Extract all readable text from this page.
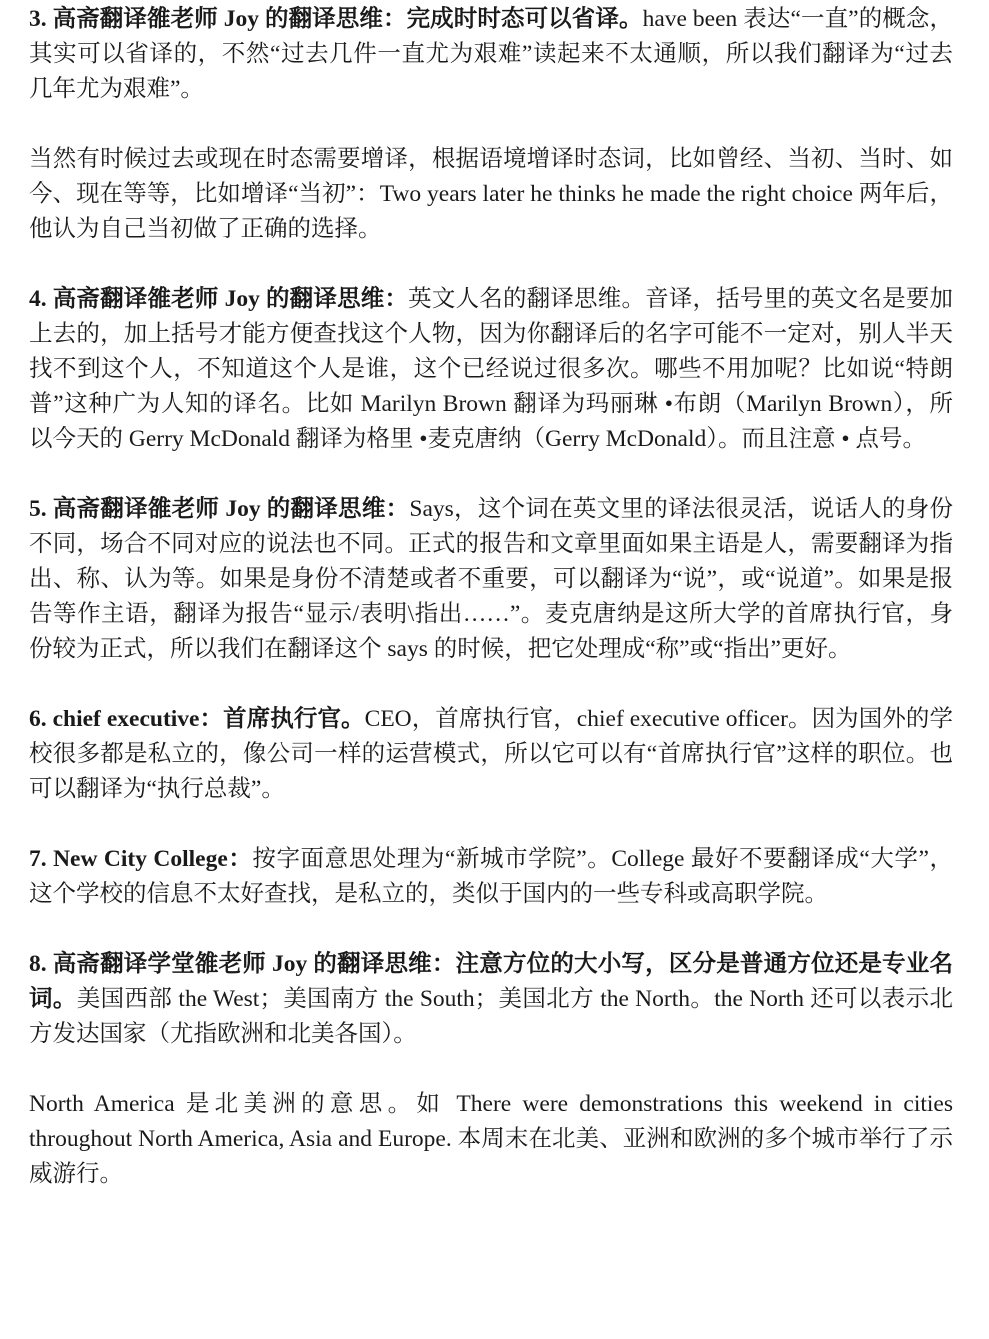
3. 高斋翻译雒老师 Joy 的翻译思维：完成时时态可以省译。have been 表达“一直”的概念，其实可以省译的，不然“过去几件一直尤为艰难”读起来不太通顺，所以我们翻译为“过去几年尤为艰难”。

当然有时候过去或现在时态需要增译，根据语境增译时态词，比如曾经、当初、当时、如今、现在等等，比如增译“当初”：Two years later he thinks he made the right choice 两年后，他认为自己当初做了正确的选择。

4. 高斋翻译雒老师 Joy 的翻译思维：英文人名的翻译思维。音译，括号里的英文名是要加上去的，加上括号才能方便查找这个人物，因为你翻译后的名字可能不一定对，别人半天找不到这个人，不知道这个人是谁，这个已经说过很多次。哪些不用加呢？比如说“特朗普”这种广为人知的译名。比如 Marilyn Brown 翻译为玛丽琳 •布朗（Marilyn Brown），所以今天的 Gerry McDonald 翻译为格里 •麦克唐纳（Gerry McDonald）。而且注意 • 点号。

5. 高斋翻译雒老师 Joy 的翻译思维：Says，这个词在英文里的译法很灵活，说话人的身份不同，场合不同对应的说法也不同。正式的报告和文章里面如果主语是人，需要翻译为指出、称、认为等。如果是身份不清楚或者不重要，可以翻译为“说”，或“说道”。如果是报告等作主语，翻译为报告“显示/表明\指出……”。麦克唐纳是这所大学的首席执行官，身份较为正式，所以我们在翻译这个 says 的时候，把它处理成“称”或“指出”更好。

6. chief executive：首席执行官。CEO，首席执行官，chief executive officer。因为国外的学校很多都是私立的，像公司一样的运营模式，所以它可以有“首席执行官”这样的职位。也可以翻译为“执行总裁”。

7. New City College：按字面意思处理为“新城市学院”。College 最好不要翻译成“大学”，这个学校的信息不太好查找，是私立的，类似于国内的一些专科或高职学院。

8. 高斋翻译学堂雒老师 Joy 的翻译思维：注意方位的大小写，区分是普通方位还是专业名词。美国西部 the West；美国南方 the South；美国北方 the North。the North 还可以表示北方发达国家（尤指欧洲和北美各国）。

North America 是北美洲的意思。如 There were demonstrations this weekend in cities throughout North America, Asia and Europe. 本周末在北美、亚洲和欧洲的多个城市举行了示威游行。
